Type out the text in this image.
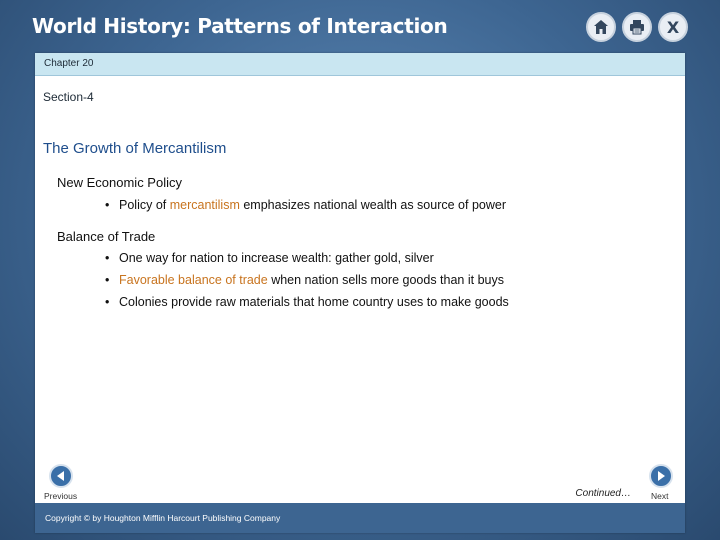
World History: Patterns of Interaction	X
Chapter 20
Section-4
The Growth of Mercantilism
New Economic Policy
• Policy of mercantilism emphasizes national wealth as source of power
Balance of Trade
• One way for nation to increase wealth: gather gold, silver
• Favorable balance of trade when nation sells more goods than it buys
• Colonies provide raw materials that home country uses to make goods
Previous	Continued… Next
Copyright © by Houghton Mifflin Harcourt Publishing Company
